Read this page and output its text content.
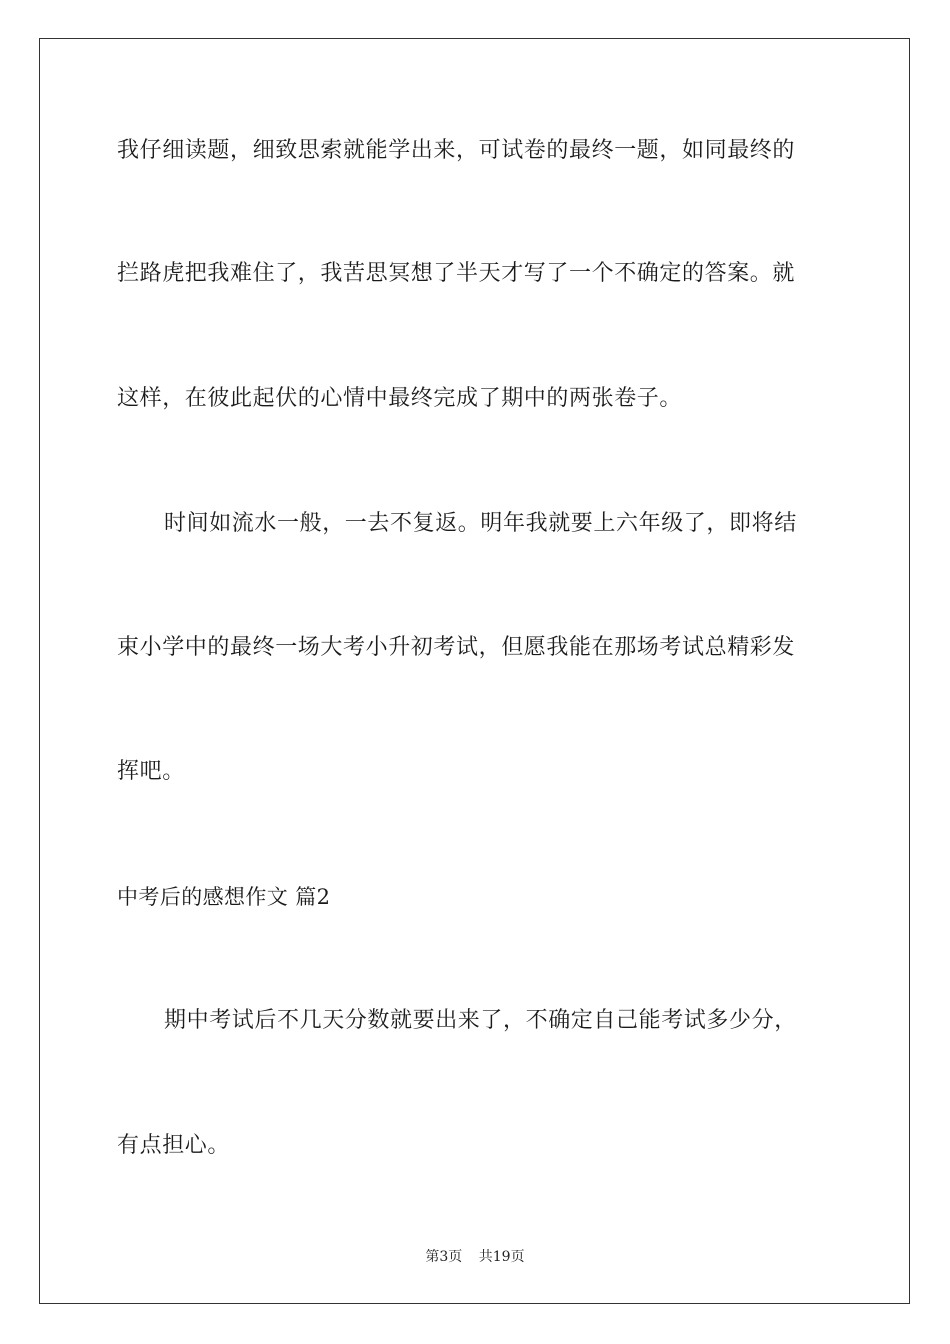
我仔细读题，细致思索就能学出来，可试卷的最终一题，如同最终的
拦路虎把我难住了，我苦思冥想了半天才写了一个不确定的答案。就
这样，在彼此起伏的心情中最终完成了期中的两张卷子。
时间如流水一般，一去不复返。明年我就要上六年级了，即将结
束小学中的最终一场大考小升初考试，但愿我能在那场考试总精彩发
挥吧。
中考后的感想作文 篇2
期中考试后不几天分数就要出来了，不确定自己能考试多少分，
有点担心。
第3页 共19页
